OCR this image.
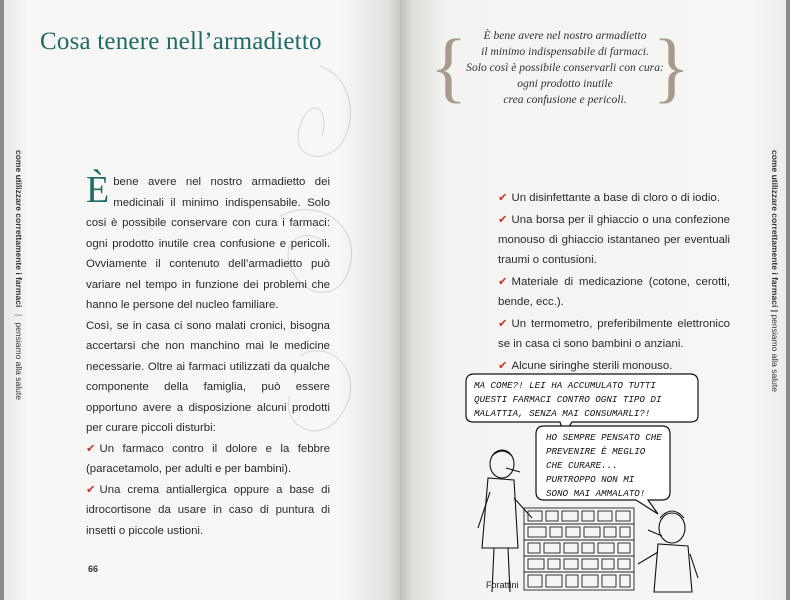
Cosa tenere nell’armadietto
come utilizzare correttamente i farmaci | pensiamo alla salute

Èbene avere nel nostro armadietto dei medicinali il minimo indispensabile. Solo cosi è possibile conservare con cura i farmaci: ogni prodotto inutile crea confusione e pericoli. Ovviamente il contenuto dell’armadietto può variare nel tempo in funzione dei problemi che hanno le persone del nucleo familiare.

Così, se in casa ci sono malati cronici, bisogna accertarsi che non manchino mai le medicine necessarie. Oltre ai farmaci utilizzati da qualche componente della famiglia, può essere opportuno avere a disposizione alcuni prodotti per curare piccoli disturbi:

✔ Un farmaco contro il dolore e la febbre (paracetamolo, per adulti e per bambini).

✔ Una crema antiallergica oppure a base di idrocortisone da usare in caso di puntura di insetti o piccole ustioni.

66
{	È bene avere nel nostro armadietto
il minimo indispensabile di farmaci.
Solo così è possibile conservarli con cura:
ogni prodotto inutile
crea confusione e pericoli. }
come utilizzare correttamente i farmaci | pensiamo alla salute

✔ Un disinfettante a base di cloro o di iodio.

✔ Una borsa per il ghiaccio o una confezione monouso di ghiaccio istantaneo per eventuali traumi o contusioni.

✔ Materiale di medicazione (cotone, cerotti, bende, ecc.).

✔ Un termometro, preferibilmente elettronico se in casa ci sono bambini o anziani.

✔ Alcune siringhe sterili monouso.

MA COME?! LEI HA ACCUMULATO TUTTI
QUESTI FARMACI CONTRO OGNI TIPO DI
MALATTIA, SENZA MAI CONSUMARLI?!
HO SEMPRE PENSATO CHE
PREVENIRE È MEGLIO
CHE CURARE...
PURTROPPO NON MI
SONO MAI AMMALATO!
Forattini
